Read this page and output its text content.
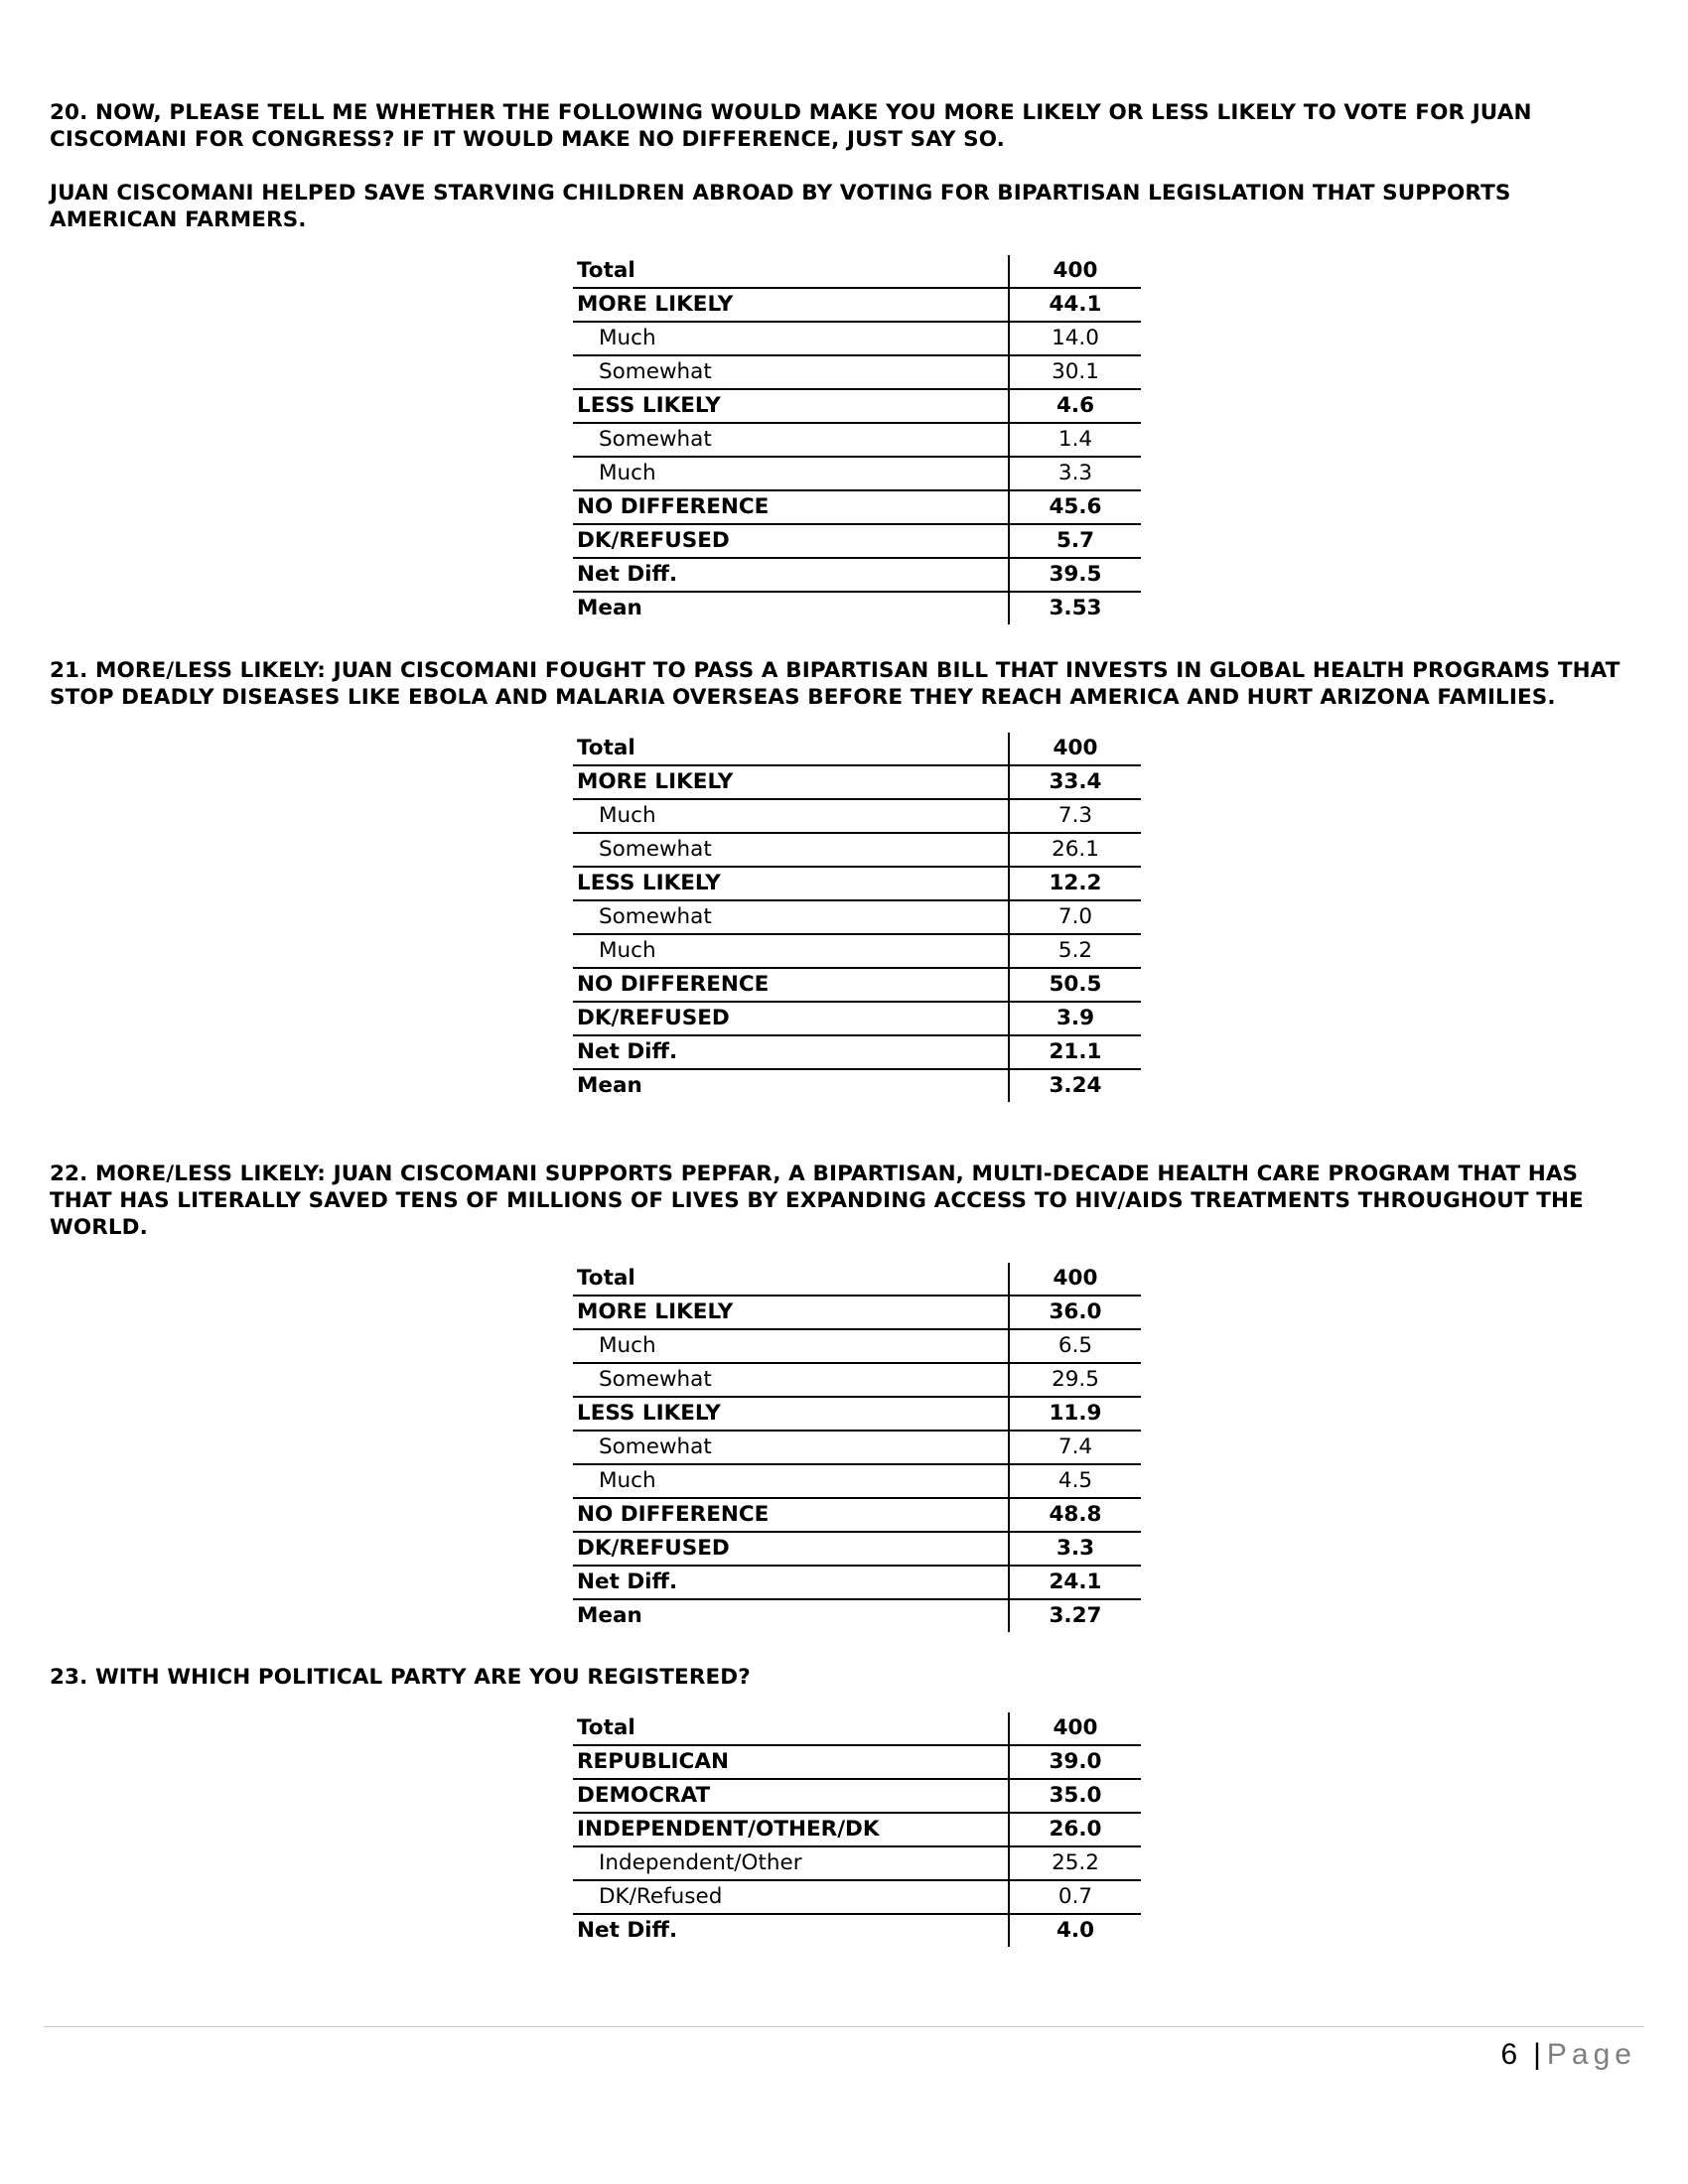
20. NOW, PLEASE TELL ME WHETHER THE FOLLOWING WOULD MAKE YOU MORE LIKELY OR LESS LIKELY TO VOTE FOR JUAN CISCOMANI FOR CONGRESS? IF IT WOULD MAKE NO DIFFERENCE, JUST SAY SO.

JUAN CISCOMANI HELPED SAVE STARVING CHILDREN ABROAD BY VOTING FOR BIPARTISAN LEGISLATION THAT SUPPORTS AMERICAN FARMERS.

Total	400
MORE LIKELY	44.1
Much	14.0
Somewhat	30.1
LESS LIKELY	4.6
Somewhat	1.4
Much	3.3
NO DIFFERENCE	45.6
DK/REFUSED	5.7
Net Diff.	39.5
Mean	3.53

21. MORE/LESS LIKELY: JUAN CISCOMANI FOUGHT TO PASS A BIPARTISAN BILL THAT INVESTS IN GLOBAL HEALTH PROGRAMS THAT STOP DEADLY DISEASES LIKE EBOLA AND MALARIA OVERSEAS BEFORE THEY REACH AMERICA AND HURT ARIZONA FAMILIES.

Total	400
MORE LIKELY	33.4
Much	7.3
Somewhat	26.1
LESS LIKELY	12.2
Somewhat	7.0
Much	5.2
NO DIFFERENCE	50.5
DK/REFUSED	3.9
Net Diff.	21.1
Mean	3.24

22. MORE/LESS LIKELY: JUAN CISCOMANI SUPPORTS PEPFAR, A BIPARTISAN, MULTI-DECADE HEALTH CARE PROGRAM THAT HAS THAT HAS LITERALLY SAVED TENS OF MILLIONS OF LIVES BY EXPANDING ACCESS TO HIV/AIDS TREATMENTS THROUGHOUT THE WORLD.

Total	400
MORE LIKELY	36.0
Much	6.5
Somewhat	29.5
LESS LIKELY	11.9
Somewhat	7.4
Much	4.5
NO DIFFERENCE	48.8
DK/REFUSED	3.3
Net Diff.	24.1
Mean	3.27

23. WITH WHICH POLITICAL PARTY ARE YOU REGISTERED?

Total	400
REPUBLICAN	39.0
DEMOCRAT	35.0
INDEPENDENT/OTHER/DK	26.0
Independent/Other	25.2
DK/Refused	0.7
Net Diff.	4.0
6 | Page
